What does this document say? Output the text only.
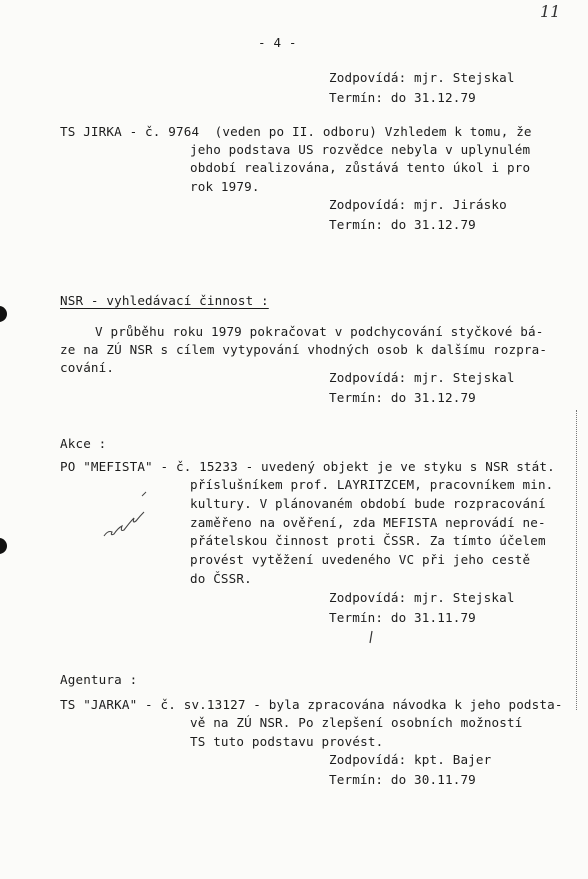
11
- 4 -
Zodpovídá: mjr. Stejskal
Termín: do 31.12.79
TS JIRKA - č. 9764  (veden po II. odboru) Vzhledem k tomu, že
jeho podstava US rozvědce nebyla v uplynulém
období realizována, zůstává tento úkol i pro
rok 1979.
Zodpovídá: mjr. Jirásko
Termín: do 31.12.79
NSR - vyhledávací činnost :
V průběhu roku 1979 pokračovat v podchycování styčkové bá-
ze na ZÚ NSR s cílem vytypování vhodných osob k dalšímu rozpra-
cování.
Zodpovídá: mjr. Stejskal
Termín: do 31.12.79
Akce :
PO "MEFISTA" - č. 15233 - uvedený objekt je ve styku s NSR stát.
příslušníkem prof. LAYRITZCEM, pracovníkem min.
kultury. V plánovaném období bude rozpracování
zaměřeno na ověření, zda MEFISTA neprovádí ne-
přátelskou činnost proti ČSSR. Za tímto účelem
provést vytěžení uvedeného VC při jeho cestě
do ČSSR.
Zodpovídá: mjr. Stejskal
Termín: do 31.11.79
Agentura :
TS "JARKA" - č. sv.13127 - byla zpracována návodka k jeho podsta-
vě na ZÚ NSR. Po zlepšení osobních možností
TS tuto podstavu provést.
Zodpovídá: kpt. Bajer
Termín: do 30.11.79
